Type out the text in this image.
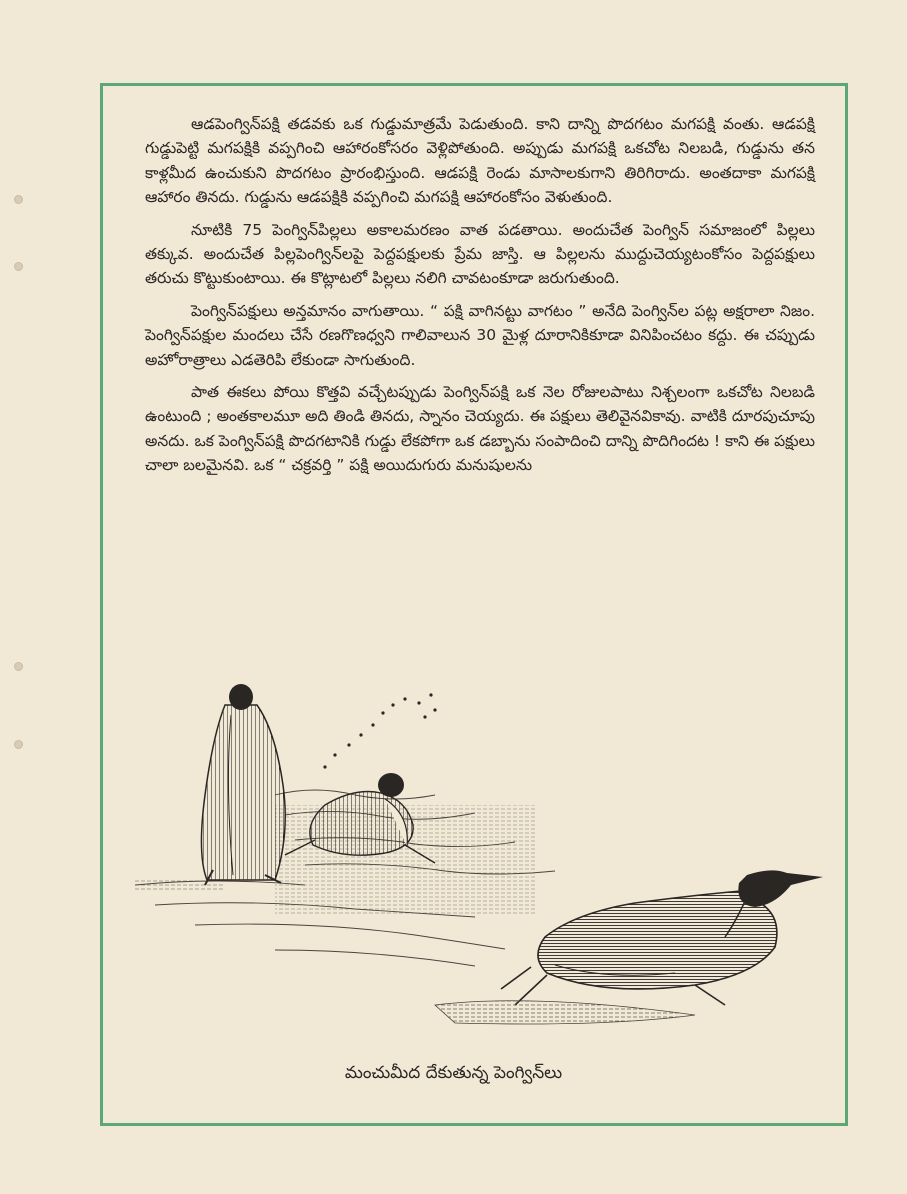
ఆడపెంగ్విన్‌పక్షి తడవకు ఒక గుడ్డుమాత్రమే పెడుతుంది. కాని దాన్ని పొదగటం మగపక్షి వంతు. ఆడపక్షి గుడ్డుపెట్టి మగపక్షికి వప్పగించి ఆహారంకోసరం వెళ్లిపోతుంది. అప్పుడు మగపక్షి ఒకచోట నిలబడి, గుడ్డును తన కాళ్లమీద ఉంచుకుని పొదగటం ప్రారంభిస్తుంది. ఆడపక్షి రెండు మాసాలకుగాని తిరిగిరాదు. అంతదాకా మగపక్షి ఆహారం తినదు. గుడ్డును ఆడపక్షికి వప్పగించి మగపక్షి ఆహారంకోసం వెళుతుంది.

నూటికి 75 పెంగ్విన్‌పిల్లలు అకాలమరణం వాత పడతాయి. అందుచేత పెంగ్విన్ సమాజంలో పిల్లలు తక్కువ. అందుచేత పిల్లపెంగ్విన్‌లపై పెద్దపక్షులకు ప్రేమ జాస్తి. ఆ పిల్లలను ముద్దుచెయ్యటంకోసం పెద్దపక్షులు తరుచు కొట్టుకుంటాయి. ఈ కొట్లాటలో పిల్లలు నలిగి చావటంకూడా జరుగుతుంది.

పెంగ్విన్‌పక్షులు అన్తమానం వాగుతాయి. “ పక్షి వాగినట్టు వాగటం ” అనేది పెంగ్విన్‌ల పట్ల అక్షరాలా నిజం. పెంగ్విన్‌పక్షుల మందలు చేసే రణగొణధ్వని గాలివాలున 30 మైళ్ల దూరానికికూడా వినిపించటం కద్దు. ఈ చప్పుడు అహోరాత్రాలు ఎడతెరిపి లేకుండా సాగుతుంది.

పాత ఈకలు పోయి కొత్తవి వచ్చేటప్పుడు పెంగ్విన్‌పక్షి ఒక నెల రోజులపాటు నిశ్చలంగా ఒకచోట నిలబడి ఉంటుంది ; అంతకాలమూ అది తిండి తినదు, స్నానం చెయ్యదు. ఈ పక్షులు తెలివైనవికావు. వాటికి దూరపుచూపు అనదు. ఒక పెంగ్విన్‌పక్షి పొదగటానికి గుడ్డు లేకపోగా ఒక డబ్బాను సంపాదించి దాన్ని పొదిగిందట ! కాని ఈ పక్షులు చాలా బలమైనవి. ఒక “ చక్రవర్తి ” పక్షి అయిదుగురు మనుషులను

మంచుమీద దేకుతున్న పెంగ్విన్‌లు
